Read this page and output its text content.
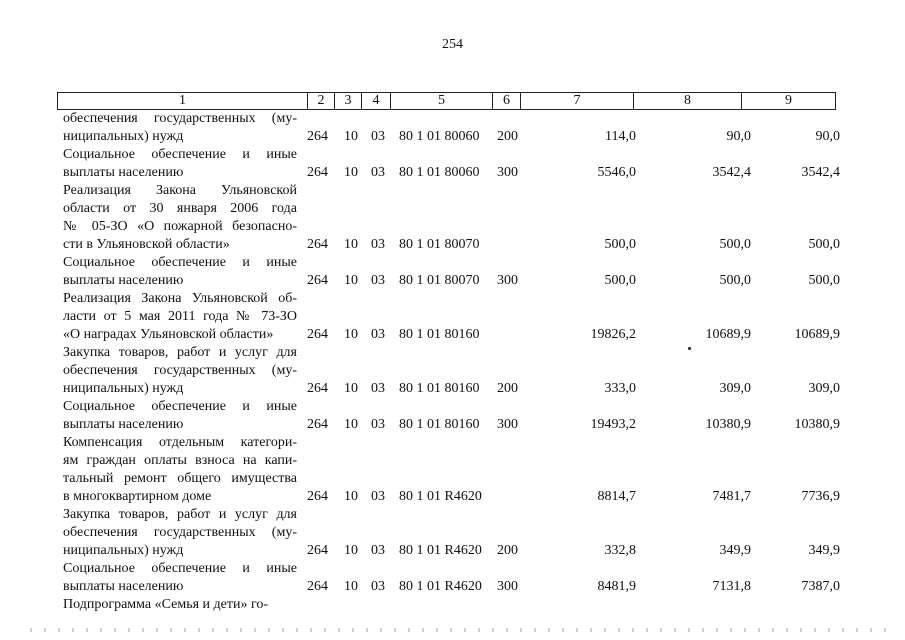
254
1	2	3	4	5	6	7	8	9
обеспечения государственных (му-
ниципальных) нужд	264 10 03 80 1 01 80060 200	114,0	90,0	90,0
Социальное обеспечение и иные
выплаты населению	264 10 03 80 1 01 80060 300	5546,0	3542,4	3542,4
Реализация Закона Ульяновской
области от 30 января 2006 года
№ 05-ЗО «О пожарной безопасно-
сти в Ульяновской области»	264 10 03 80 1 01 80070	500,0	500,0	500,0
Социальное обеспечение и иные
выплаты населению	264 10 03 80 1 01 80070 300	500,0	500,0	500,0
Реализация Закона Ульяновской об-
ласти от 5 мая 2011 года № 73-ЗО
«О наградах Ульяновской области»	264 10 03 80 1 01 80160	19826,2	10689,9	10689,9
Закупка товаров, работ и услуг для
обеспечения государственных (му-
ниципальных) нужд	264 10 03 80 1 01 80160 200	333,0	309,0	309,0
Социальное обеспечение и иные
выплаты населению	264 10 03 80 1 01 80160 300	19493,2	10380,9	10380,9
Компенсация отдельным категори-
ям граждан оплаты взноса на капи-
тальный ремонт общего имущества
в многоквартирном доме	264 10 03 80 1 01 R4620	8814,7	7481,7	7736,9
Закупка товаров, работ и услуг для
обеспечения государственных (му-
ниципальных) нужд	264 10 03 80 1 01 R4620 200	332,8	349,9	349,9
Социальное обеспечение и иные
выплаты населению	264 10 03 80 1 01 R4620 300	8481,9	7131,8	7387,0
Подпрограмма «Семья и дети» го-
